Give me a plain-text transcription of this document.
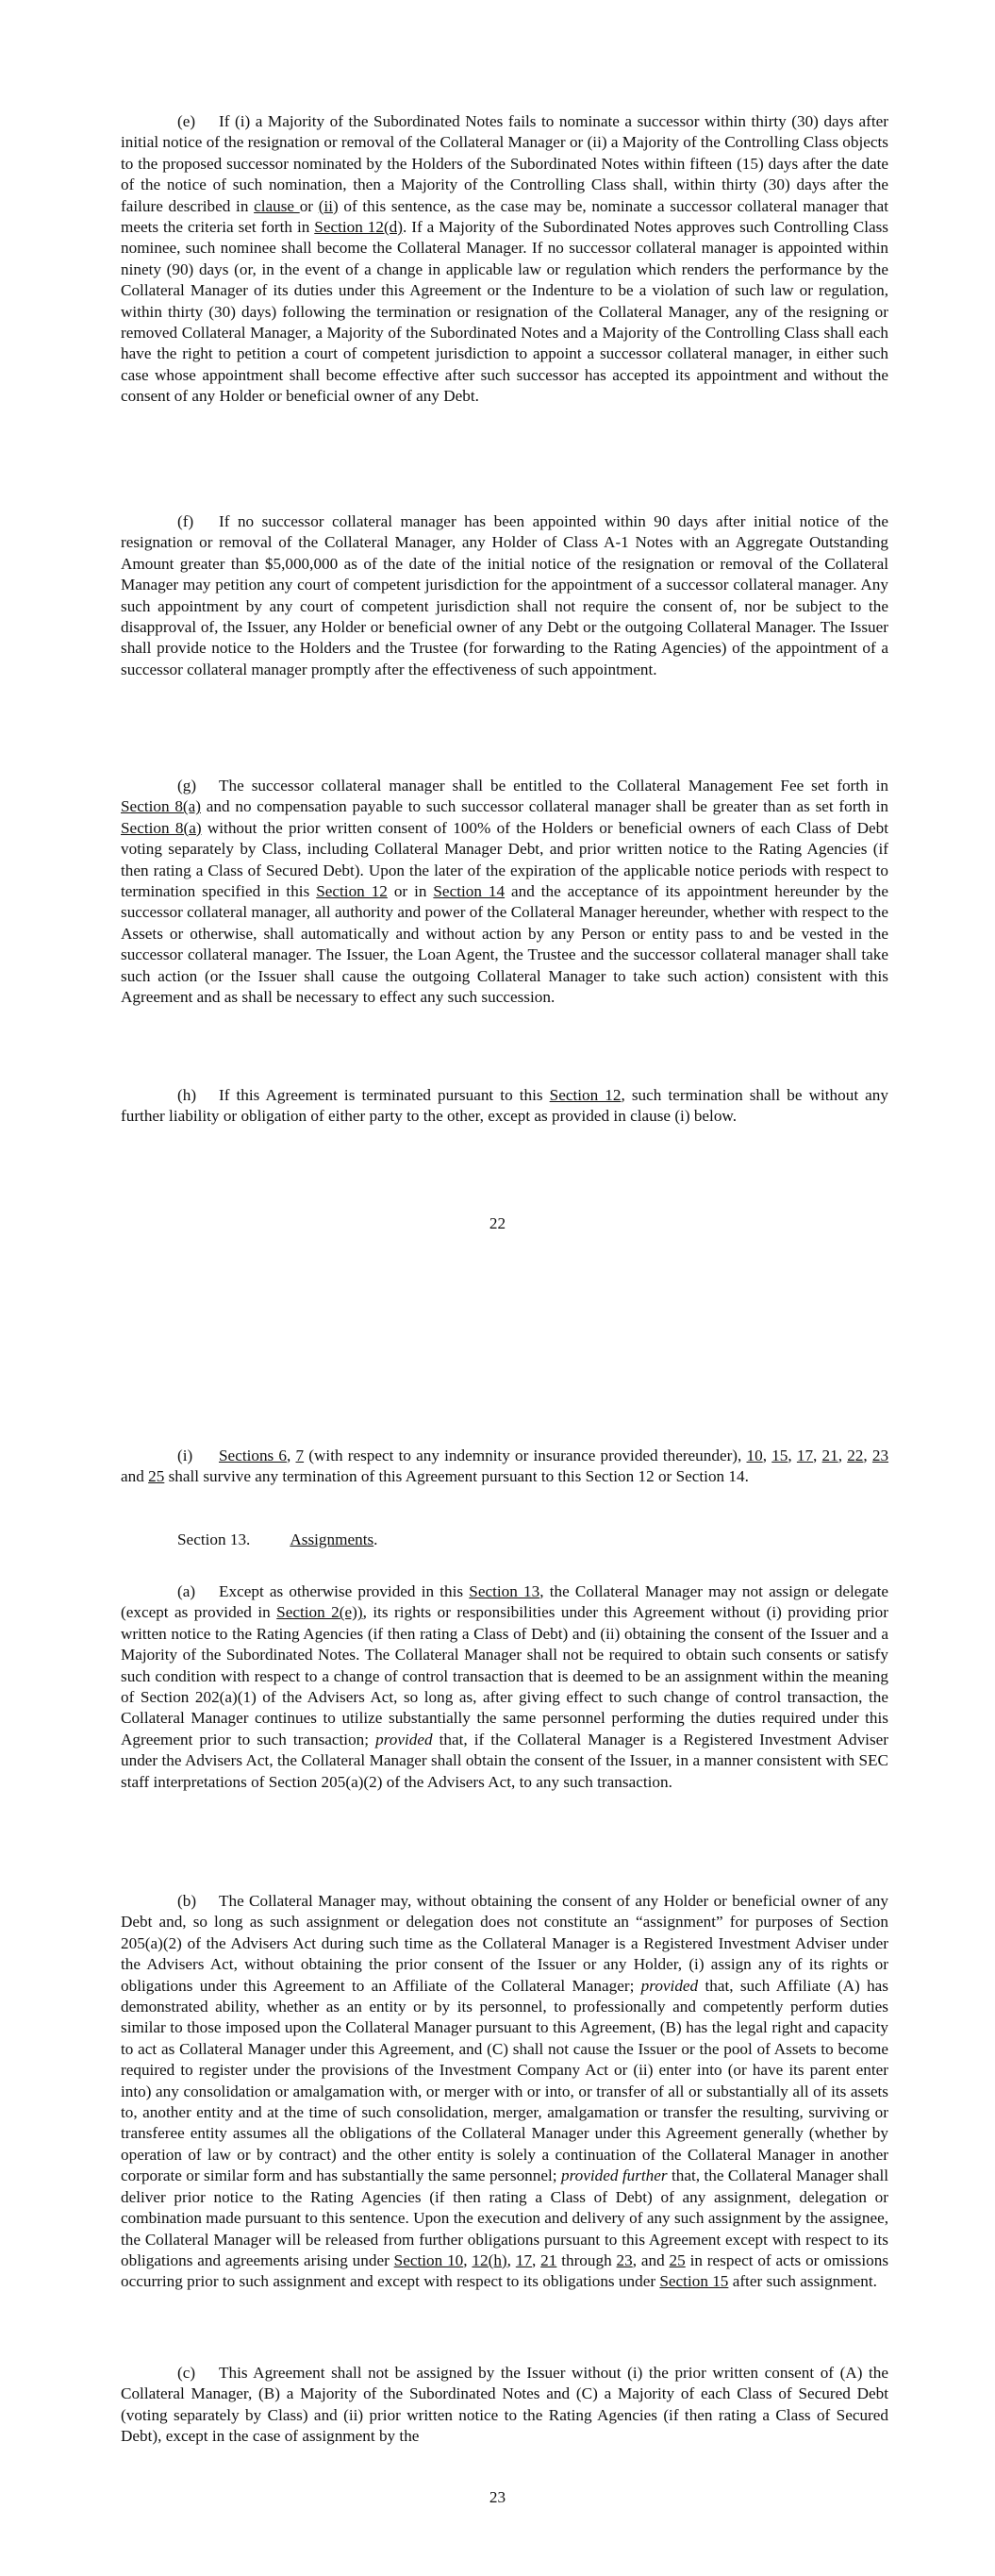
(e) If (i) a Majority of the Subordinated Notes fails to nominate a successor within thirty (30) days after initial notice of the resignation or removal of the Collateral Manager or (ii) a Majority of the Controlling Class objects to the proposed successor nominated by the Holders of the Subordinated Notes within fifteen (15) days after the date of the notice of such nomination, then a Majority of the Controlling Class shall, within thirty (30) days after the failure described in clause or (ii) of this sentence, as the case may be, nominate a successor collateral manager that meets the criteria set forth in Section 12(d). If a Majority of the Subordinated Notes approves such Controlling Class nominee, such nominee shall become the Collateral Manager. If no successor collateral manager is appointed within ninety (90) days (or, in the event of a change in applicable law or regulation which renders the performance by the Collateral Manager of its duties under this Agreement or the Indenture to be a violation of such law or regulation, within thirty (30) days) following the termination or resignation of the Collateral Manager, any of the resigning or removed Collateral Manager, a Majority of the Subordinated Notes and a Majority of the Controlling Class shall each have the right to petition a court of competent jurisdiction to appoint a successor collateral manager, in either such case whose appointment shall become effective after such successor has accepted its appointment and without the consent of any Holder or beneficial owner of any Debt.

(f) If no successor collateral manager has been appointed within 90 days after initial notice of the resignation or removal of the Collateral Manager, any Holder of Class A-1 Notes with an Aggregate Outstanding Amount greater than $5,000,000 as of the date of the initial notice of the resignation or removal of the Collateral Manager may petition any court of competent jurisdiction for the appointment of a successor collateral manager. Any such appointment by any court of competent jurisdiction shall not require the consent of, nor be subject to the disapproval of, the Issuer, any Holder or beneficial owner of any Debt or the outgoing Collateral Manager. The Issuer shall provide notice to the Holders and the Trustee (for forwarding to the Rating Agencies) of the appointment of a successor collateral manager promptly after the effectiveness of such appointment.

(g) The successor collateral manager shall be entitled to the Collateral Management Fee set forth in Section 8(a) and no compensation payable to such successor collateral manager shall be greater than as set forth in Section 8(a) without the prior written consent of 100% of the Holders or beneficial owners of each Class of Debt voting separately by Class, including Collateral Manager Debt, and prior written notice to the Rating Agencies (if then rating a Class of Secured Debt). Upon the later of the expiration of the applicable notice periods with respect to termination specified in this Section 12 or in Section 14 and the acceptance of its appointment hereunder by the successor collateral manager, all authority and power of the Collateral Manager hereunder, whether with respect to the Assets or otherwise, shall automatically and without action by any Person or entity pass to and be vested in the successor collateral manager. The Issuer, the Loan Agent, the Trustee and the successor collateral manager shall take such action (or the Issuer shall cause the outgoing Collateral Manager to take such action) consistent with this Agreement and as shall be necessary to effect any such succession.

(h) If this Agreement is terminated pursuant to this Section 12, such termination shall be without any further liability or obligation of either party to the other, except as provided in clause (i) below.

22

(i) Sections 6, 7 (with respect to any indemnity or insurance provided thereunder), 10, 15, 17, 21, 22, 23 and 25 shall survive any termination of this Agreement pursuant to this Section 12 or Section 14.

Section 13. Assignments.

(a) Except as otherwise provided in this Section 13, the Collateral Manager may not assign or delegate (except as provided in Section 2(e)), its rights or responsibilities under this Agreement without (i) providing prior written notice to the Rating Agencies (if then rating a Class of Debt) and (ii) obtaining the consent of the Issuer and a Majority of the Subordinated Notes. The Collateral Manager shall not be required to obtain such consents or satisfy such condition with respect to a change of control transaction that is deemed to be an assignment within the meaning of Section 202(a)(1) of the Advisers Act, so long as, after giving effect to such change of control transaction, the Collateral Manager continues to utilize substantially the same personnel performing the duties required under this Agreement prior to such transaction; provided that, if the Collateral Manager is a Registered Investment Adviser under the Advisers Act, the Collateral Manager shall obtain the consent of the Issuer, in a manner consistent with SEC staff interpretations of Section 205(a)(2) of the Advisers Act, to any such transaction.

(b) The Collateral Manager may, without obtaining the consent of any Holder or beneficial owner of any Debt and, so long as such assignment or delegation does not constitute an “assignment” for purposes of Section 205(a)(2) of the Advisers Act during such time as the Collateral Manager is a Registered Investment Adviser under the Advisers Act, without obtaining the prior consent of the Issuer or any Holder, (i) assign any of its rights or obligations under this Agreement to an Affiliate of the Collateral Manager; provided that, such Affiliate (A) has demonstrated ability, whether as an entity or by its personnel, to professionally and competently perform duties similar to those imposed upon the Collateral Manager pursuant to this Agreement, (B) has the legal right and capacity to act as Collateral Manager under this Agreement, and (C) shall not cause the Issuer or the pool of Assets to become required to register under the provisions of the Investment Company Act or (ii) enter into (or have its parent enter into) any consolidation or amalgamation with, or merger with or into, or transfer of all or substantially all of its assets to, another entity and at the time of such consolidation, merger, amalgamation or transfer the resulting, surviving or transferee entity assumes all the obligations of the Collateral Manager under this Agreement generally (whether by operation of law or by contract) and the other entity is solely a continuation of the Collateral Manager in another corporate or similar form and has substantially the same personnel; provided further that, the Collateral Manager shall deliver prior notice to the Rating Agencies (if then rating a Class of Debt) of any assignment, delegation or combination made pursuant to this sentence. Upon the execution and delivery of any such assignment by the assignee, the Collateral Manager will be released from further obligations pursuant to this Agreement except with respect to its obligations and agreements arising under Section 10, 12(h), 17, 21 through 23, and 25 in respect of acts or omissions occurring prior to such assignment and except with respect to its obligations under Section 15 after such assignment.

(c) This Agreement shall not be assigned by the Issuer without (i) the prior written consent of (A) the Collateral Manager, (B) a Majority of the Subordinated Notes and (C) a Majority of each Class of Secured Debt (voting separately by Class) and (ii) prior written notice to the Rating Agencies (if then rating a Class of Secured Debt), except in the case of assignment by the

23
